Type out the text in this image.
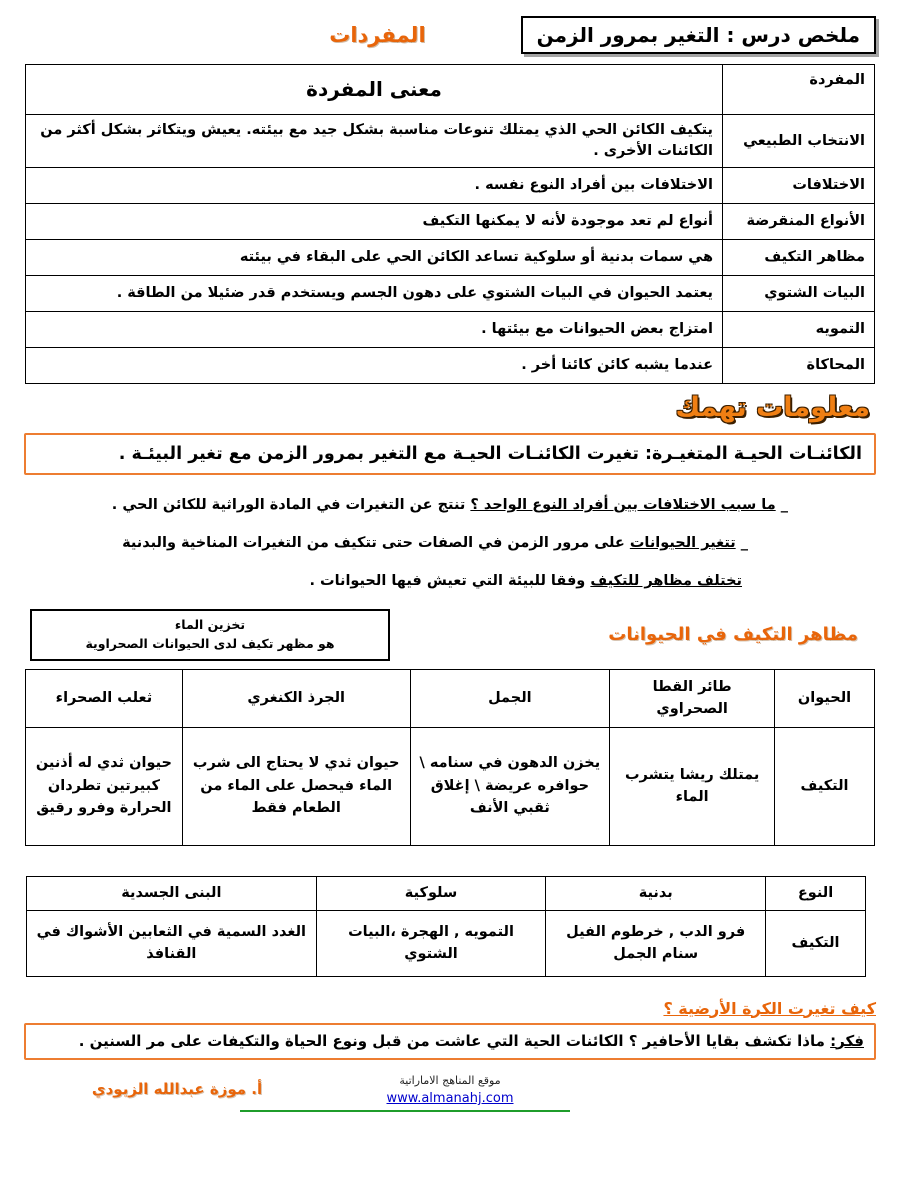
ملخص درس : التغير بمرور الزمن
المفردات
المفردة	معنى المفردة
الانتخاب الطبيعي	يتكيف الكائن الحي الذي يمتلك تنوعات مناسبة بشكل جيد مع بيئته. يعيش ويتكاثر بشكل أكثر من الكائنات الأخرى .
الاختلافات	الاختلافات بين أفراد النوع نفسه .
الأنواع المنقرضة	أنواع لم تعد موجودة لأنه لا يمكنها التكيف
مظاهر التكيف	هي سمات بدنية أو سلوكية تساعد الكائن الحي على البقاء في بيئته
البيات الشتوي	يعتمد الحيوان في البيات الشتوي على دهون الجسم ويستخدم قدر ضئيلا من الطاقة .
التمويه	امتزاج بعض الحيوانات مع بيئتها .
المحاكاة	عندما يشبه كائن كائنا أخر .
معلومات تهمك
الكائنـات الحيـة المتغيـرة: تغيرت الكائنـات الحيـة مع التغير بمرور الزمن مع تغير البيئـة .
_ ما سبب الاختلافات بين أفراد النوع الواحد ؟ تنتج عن التغيرات في المادة الوراثية للكائن الحي .
_ تتغير الحيوانات على مرور الزمن في الصفات حتى تتكيف من التغيرات المناخية والبدنية
تختلف مظاهر للتكيف وفقا للبيئة التي تعيش فيها الحيوانات .
مظاهر التكيف في الحيوانات
تخزين الماء
هو مظهر تكيف لدى الحيوانات الصحراوية
الحيوان	طائر القطا الصحراوي	الجمل	الجرذ الكنغري	ثعلب الصحراء
التكيف	يمتلك ريشا يتشرب الماء	يخزن الدهون في سنامه \ حوافره عريضة \ إغلاق ثقبي الأنف	حيوان ثدي لا يحتاج الى شرب الماء فيحصل على الماء من الطعام فقط	حيوان ثدي له أذنين كبيرتين تطردان الحرارة وفرو رقيق
النوع	بدنية	سلوكية	البنى الجسدية
التكيف	فرو الدب , خرطوم الفيل سنام الجمل	التمويه , الهجرة ،البيات الشتوي	الغدد السمية في الثعابين الأشواك في القنافذ
كيف تغيرت الكرة الأرضية ؟
فكر: ماذا تكشف بقايا الأحافير ؟ الكائنات الحية التي عاشت من قبل ونوع الحياة والتكيفات على مر السنين .
موقع المناهج الاماراتية
www.almanahj.com
أ. موزة عبدالله الزيودي
